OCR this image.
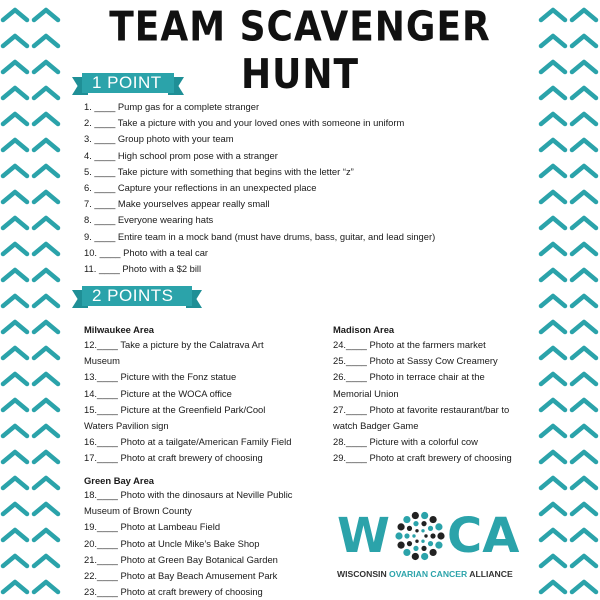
TEAM SCAVENGER HUNT
1 POINT
1. ____ Pump gas for a complete stranger
2. ____ Take a picture with you and your loved ones with someone in uniform
3. ____ Group photo with your team
4. ____ High school prom pose with a stranger
5. ____ Take picture with something that begins with the letter “z”
6. ____ Capture your reflections in an unexpected place
7. ____ Make yourselves appear really small
8. ____ Everyone wearing hats
9. ____ Entire team in a mock band (must have drums, bass, guitar, and lead singer)
10. ____ Photo with a teal car
11. ____ Photo with a $2 bill
2 POINTS
Milwaukee Area
12.____ Take a picture by the Calatrava Art
Museum
13.____ Picture with the Fonz statue
14.____ Picture at the WOCA office
15.____ Picture at the Greenfield Park/Cool
Waters Pavilion sign
16.____ Photo at a tailgate/American Family Field
17.____ Photo at craft brewery of choosing
Madison Area
24.____ Photo at the farmers market
25.____ Photo at Sassy Cow Creamery
26.____ Photo in terrace chair at the
Memorial Union
27.____ Photo at favorite restaurant/bar to
watch Badger Game
28.____ Picture with a colorful cow
29.____ Photo at craft brewery of choosing
Green Bay Area
18.____ Photo with the dinosaurs at Neville Public
Museum of Brown County
19.____ Photo at Lambeau Field
20.____ Photo at Uncle Mike’s Bake Shop
21.____ Photo at Green Bay Botanical Garden
22.____ Photo at Bay Beach Amusement Park
23.____ Photo at craft brewery of choosing
W CA
WISCONSIN OVARIAN CANCER ALLIANCE
